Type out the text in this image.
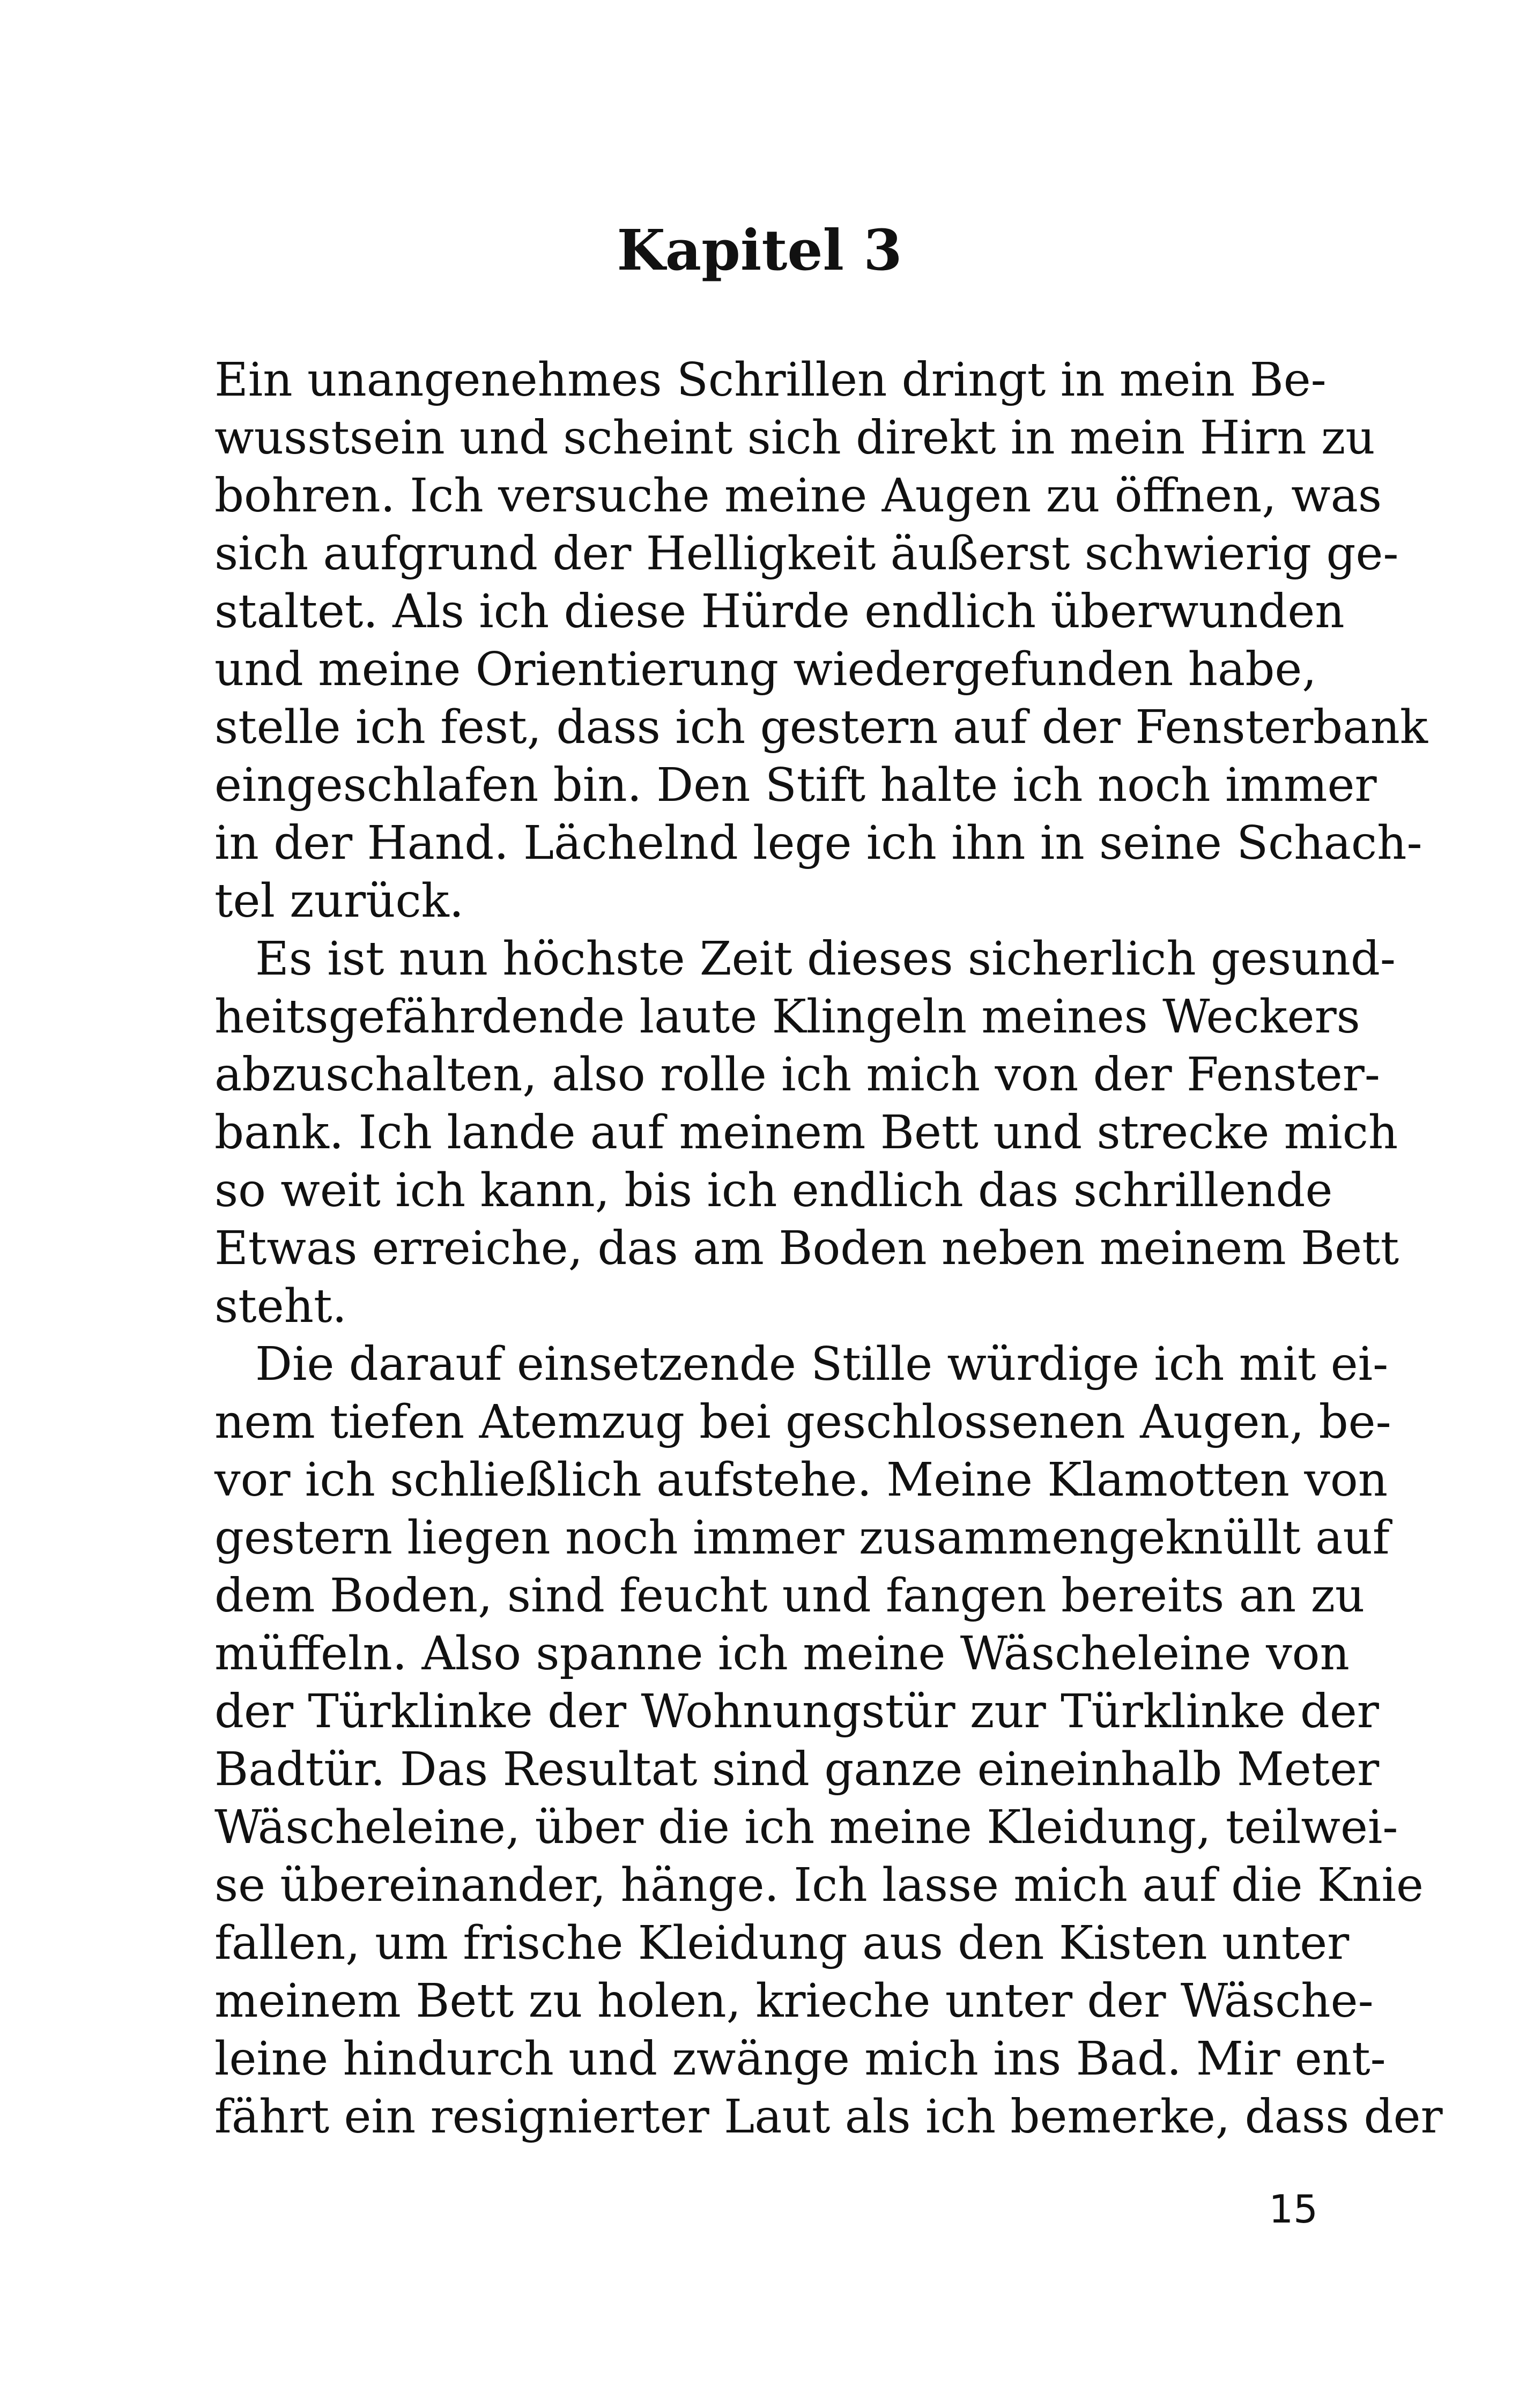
Kapitel 3
Ein unangenehmes Schrillen dringt in mein Be-
wusstsein und scheint sich direkt in mein Hirn zu
bohren. Ich versuche meine Augen zu öffnen, was
sich aufgrund der Helligkeit äußerst schwierig ge-
staltet. Als ich diese Hürde endlich überwunden
und meine Orientierung wiedergefunden habe,
stelle ich fest, dass ich gestern auf der Fensterbank
eingeschlafen bin. Den Stift halte ich noch immer
in der Hand. Lächelnd lege ich ihn in seine Schach-
tel zurück.
Es ist nun höchste Zeit dieses sicherlich gesund-
heitsgefährdende laute Klingeln meines Weckers
abzuschalten, also rolle ich mich von der Fenster-
bank. Ich lande auf meinem Bett und strecke mich
so weit ich kann, bis ich endlich das schrillende
Etwas erreiche, das am Boden neben meinem Bett
steht.
Die darauf einsetzende Stille würdige ich mit ei-
nem tiefen Atemzug bei geschlossenen Augen, be-
vor ich schließlich aufstehe. Meine Klamotten von
gestern liegen noch immer zusammengeknüllt auf
dem Boden, sind feucht und fangen bereits an zu
müffeln. Also spanne ich meine Wäscheleine von
der Türklinke der Wohnungstür zur Türklinke der
Badtür. Das Resultat sind ganze eineinhalb Meter
Wäscheleine, über die ich meine Kleidung, teilwei-
se übereinander, hänge. Ich lasse mich auf die Knie
fallen, um frische Kleidung aus den Kisten unter
meinem Bett zu holen, krieche unter der Wäsche-
leine hindurch und zwänge mich ins Bad. Mir ent-
fährt ein resignierter Laut als ich bemerke, dass der
15
